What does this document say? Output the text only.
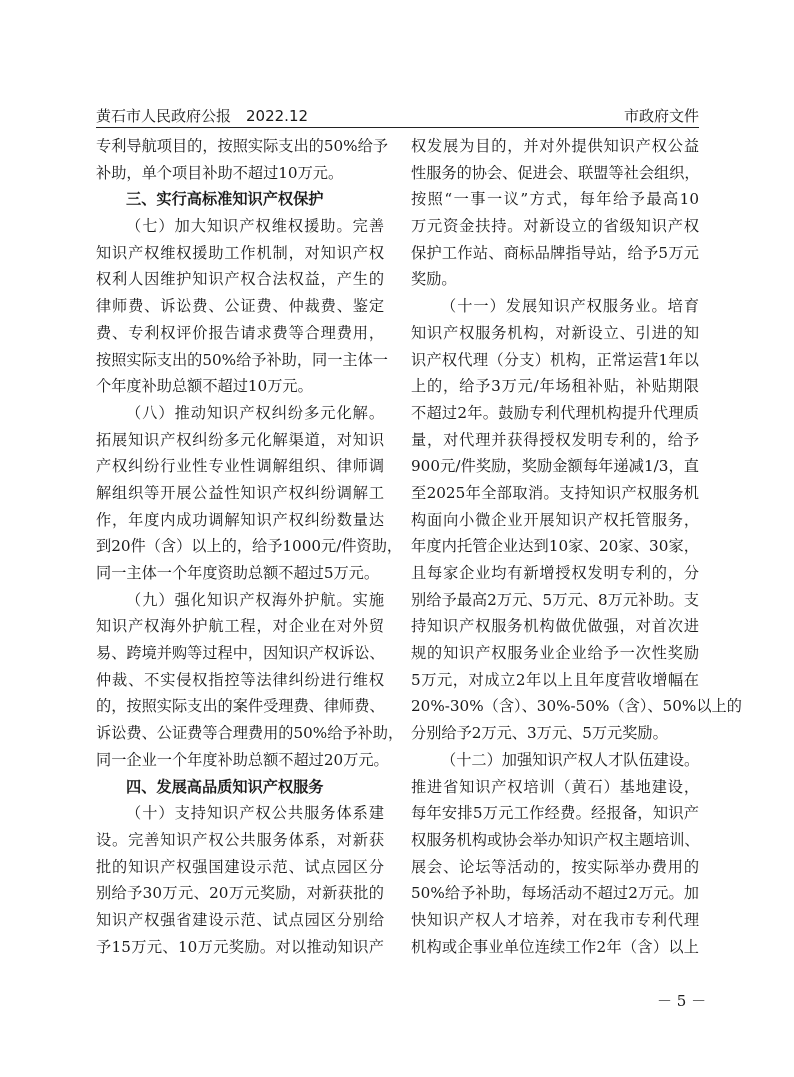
黄石市人民政府公报　2022.12	市政府文件
专利导航项目的，按照实际支出的50%给予
补助，单个项目补助不超过10万元。
三、实行高标准知识产权保护
（七）加大知识产权维权援助。完善
知识产权维权援助工作机制，对知识产权
权利人因维护知识产权合法权益，产生的
律师费、诉讼费、公证费、仲裁费、鉴定
费、专利权评价报告请求费等合理费用，
按照实际支出的50%给予补助，同一主体一
个年度补助总额不超过10万元。
（八）推动知识产权纠纷多元化解。
拓展知识产权纠纷多元化解渠道，对知识
产权纠纷行业性专业性调解组织、律师调
解组织等开展公益性知识产权纠纷调解工
作，年度内成功调解知识产权纠纷数量达
到20件（含）以上的，给予1000元/件资助，
同一主体一个年度资助总额不超过5万元。
（九）强化知识产权海外护航。实施
知识产权海外护航工程，对企业在对外贸
易、跨境并购等过程中，因知识产权诉讼、
仲裁、不实侵权指控等法律纠纷进行维权
的，按照实际支出的案件受理费、律师费、
诉讼费、公证费等合理费用的50%给予补助，
同一企业一个年度补助总额不超过20万元。
四、发展高品质知识产权服务
（十）支持知识产权公共服务体系建
设。完善知识产权公共服务体系，对新获
批的知识产权强国建设示范、试点园区分
别给予30万元、20万元奖励，对新获批的
知识产权强省建设示范、试点园区分别给
予15万元、10万元奖励。对以推动知识产
权发展为目的，并对外提供知识产权公益
性服务的协会、促进会、联盟等社会组织，
按照“一事一议”方式，每年给予最高10
万元资金扶持。对新设立的省级知识产权
保护工作站、商标品牌指导站，给予5万元
奖励。
（十一）发展知识产权服务业。培育
知识产权服务机构，对新设立、引进的知
识产权代理（分支）机构，正常运营1年以
上的，给予3万元/年场租补贴，补贴期限
不超过2年。鼓励专利代理机构提升代理质
量，对代理并获得授权发明专利的，给予
900元/件奖励，奖励金额每年递减1/3，直
至2025年全部取消。支持知识产权服务机
构面向小微企业开展知识产权托管服务，
年度内托管企业达到10家、20家、30家，
且每家企业均有新增授权发明专利的，分
别给予最高2万元、5万元、8万元补助。支
持知识产权服务机构做优做强，对首次进
规的知识产权服务业企业给予一次性奖励
5万元，对成立2年以上且年度营收增幅在
20%-30%（含）、30%-50%（含）、50%以上的
分别给予2万元、3万元、5万元奖励。
（十二）加强知识产权人才队伍建设。
推进省知识产权培训（黄石）基地建设，
每年安排5万元工作经费。经报备，知识产
权服务机构或协会举办知识产权主题培训、
展会、论坛等活动的，按实际举办费用的
50%给予补助，每场活动不超过2万元。加
快知识产权人才培养，对在我市专利代理
机构或企事业单位连续工作2年（含）以上
－ 5 －
